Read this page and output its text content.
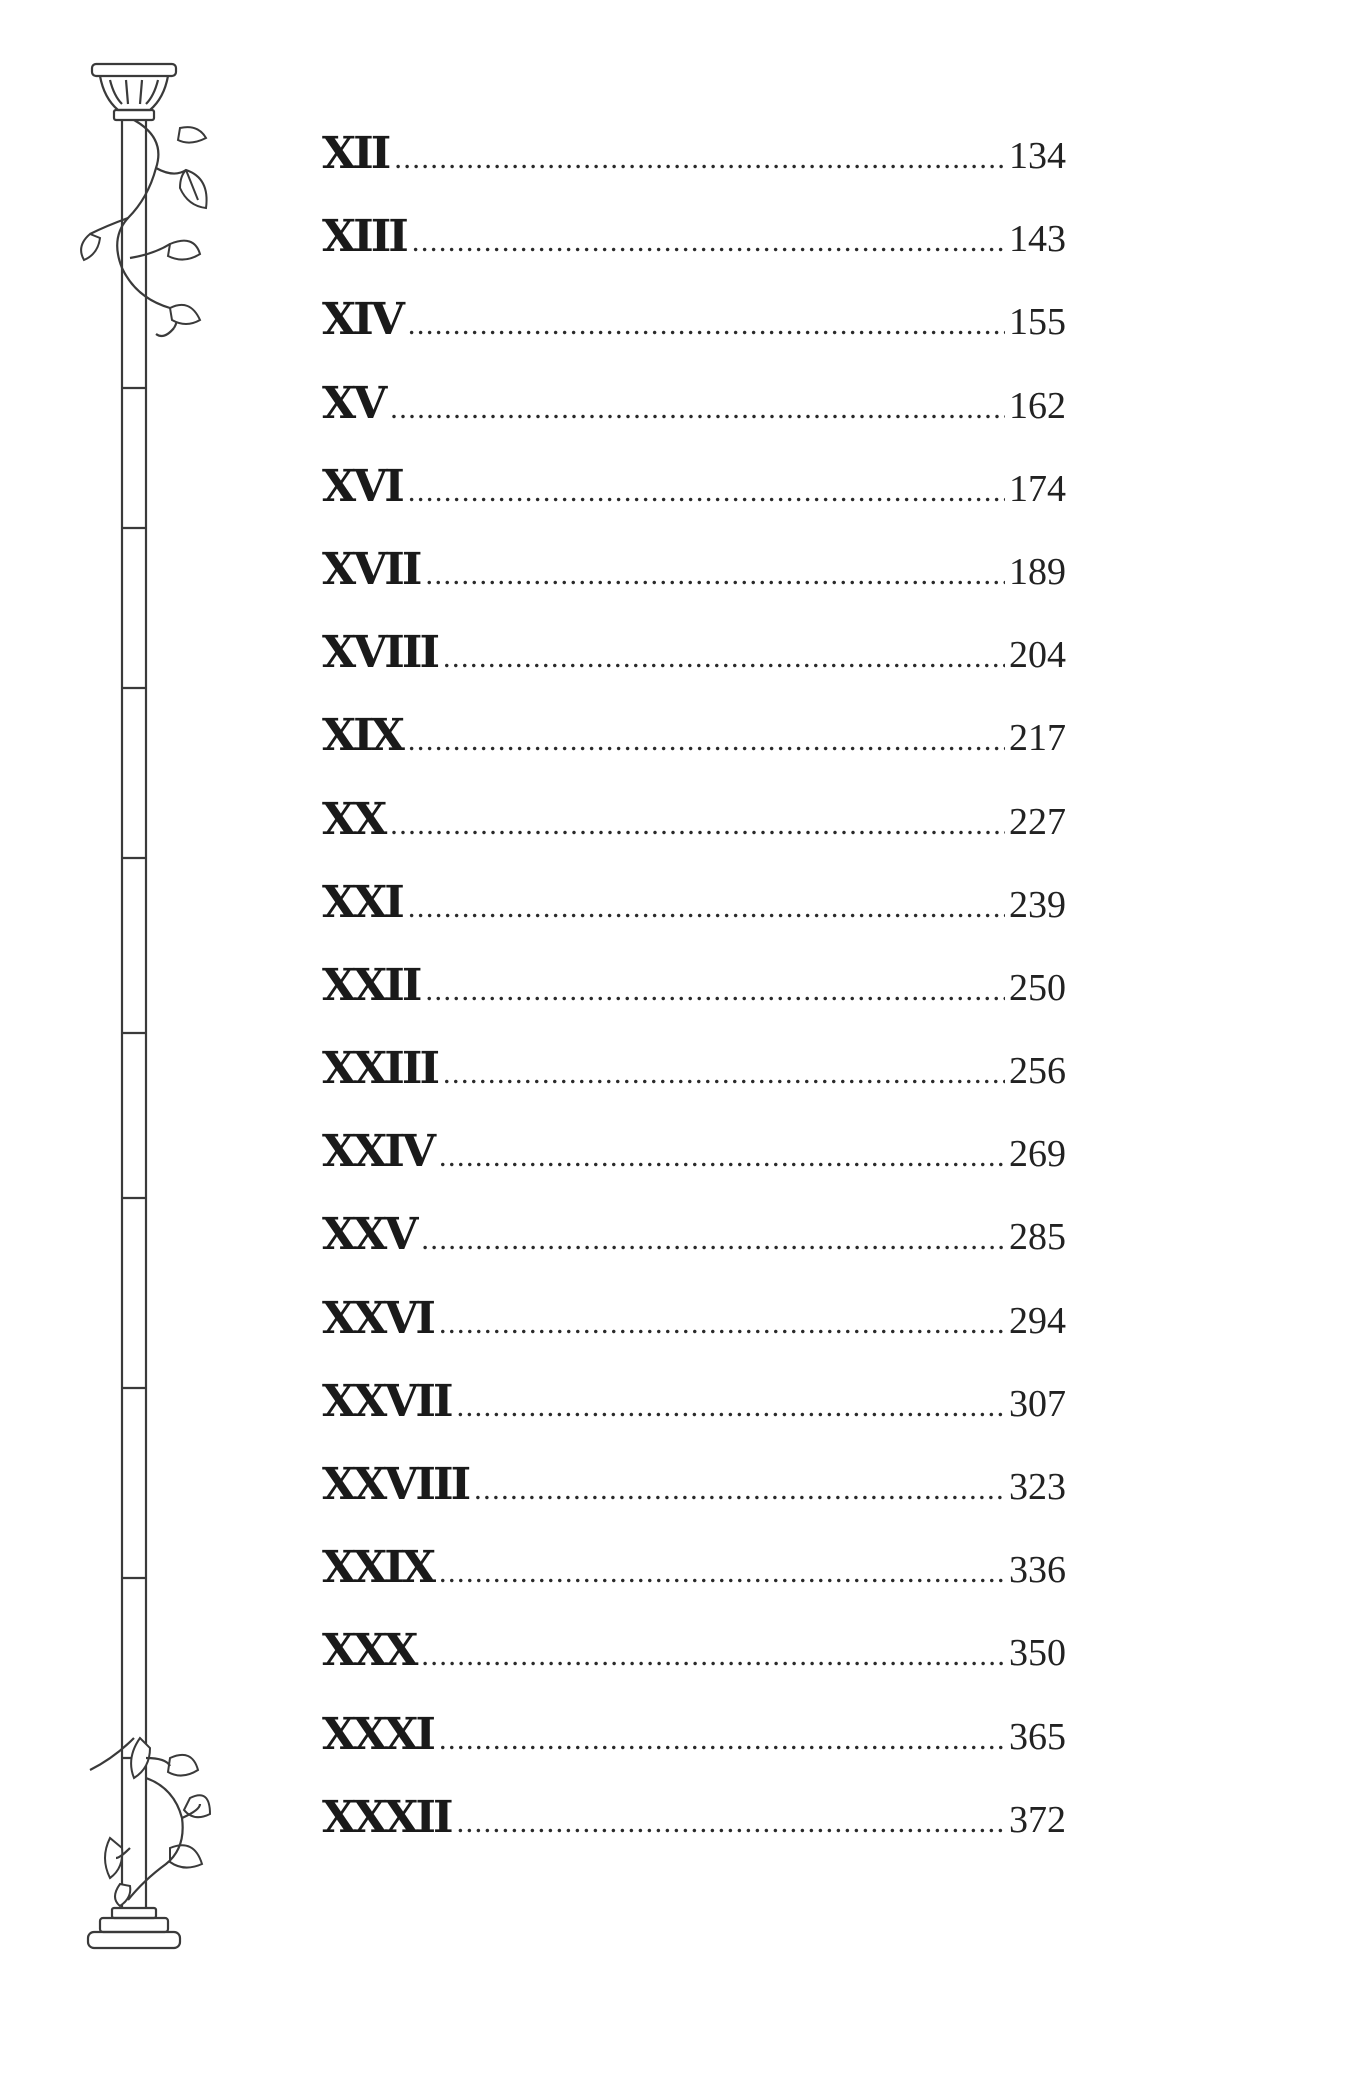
XII .....	134
XIII .....	143
XIV .....	155
XV .....	162
XVI .....	174
XVII .....	189
XVIII .....	204
XIX .....	217
XX .....	227
XXI .....	239
XXII .....	250
XXIII .....	256
XXIV .....	269
XXV .....	285
XXVI .....	294
XXVII .....	307
XXVIII .....	323
XXIX .....	336
XXX .....	350
XXXI .....	365
XXXII .....	372
